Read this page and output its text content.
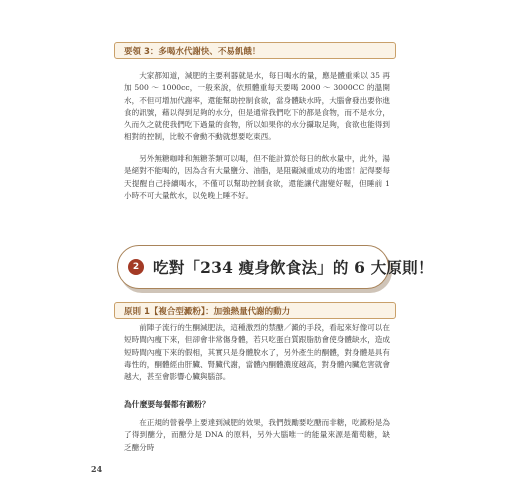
要領 3：多喝水代謝快、不易飢餓！

大家都知道，減肥的主要利器就是水，每日喝水的量，應是體重乘以 35 再加 500 ～ 1000cc，一般來說，依照體重每天要喝 2000 ～ 3000CC 的溫開水，不但可增加代謝率，還能幫助控制食欲，當身體缺水時，大腦會發出要你進食的訊號，藉以得到足夠的水分，但是通常我們吃下的都是食物，而不是水分，久而久之就使我們吃下過量的食物，所以如果你的水分攝取足夠，食欲也能得到相對的控制，比較不會動不動就想要吃東西。

另外無糖咖啡和無糖茶類可以喝，但不能計算於每日的飲水量中，此外，湯是絕對不能喝的，因為含有大量鹽分、油脂，是阻礙減重成功的地雷！記得要每天提醒自己持續喝水，不僅可以幫助控制食欲，還能讓代謝變好喔，但睡前 1 小時不可大量飲水，以免晚上睡不好。

2 吃對「234 瘦身飲食法」的 6 大原則！
原則 1【複合型澱粉】：加強熱量代謝的動力

前陣子流行的生酮減肥法，這種激烈的禁醣／澱的手段，看起來好像可以在短時間內瘦下來，但卻會非常傷身體，若只吃蛋白質跟脂肪會使身體缺水，造成短時間內瘦下來的假相，其實只是身體脫水了，另外產生的酮體，對身體是具有毒性的，酮體經由肝臟、腎臟代謝，當體內酮體濃度越高，對身體內臟危害就會越大，甚至會影響心臟與腦部。

為什麼要每餐都有澱粉？

在正規的營養學上要達到減肥的效果，我們鼓勵要吃醣而非糖，吃澱粉是為了得到醣分，而醣分是 DNA 的原料，另外大腦唯一的能量來源是葡萄糖，缺乏醣分時

24
